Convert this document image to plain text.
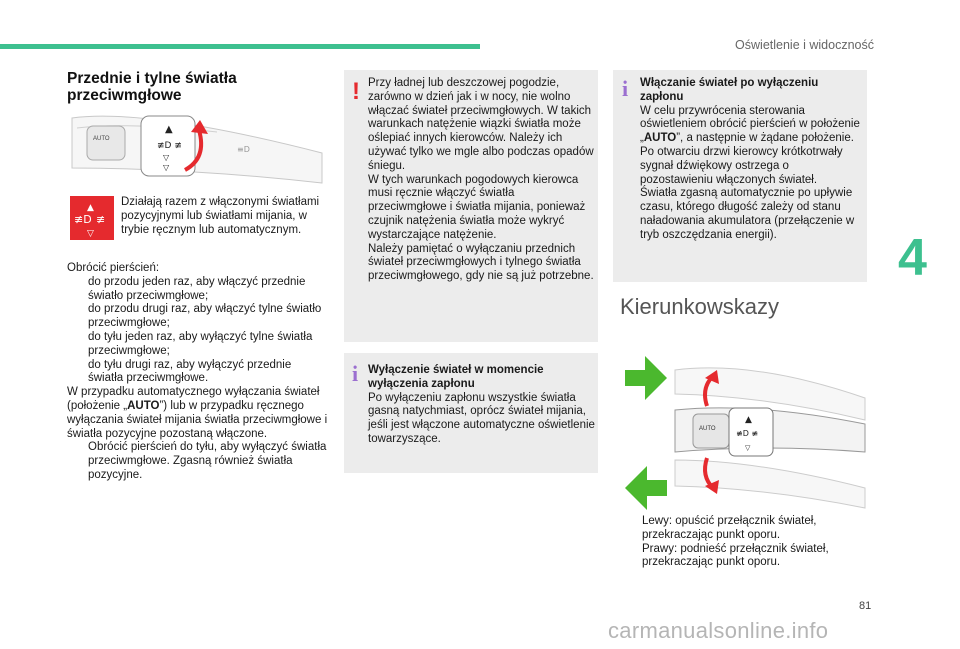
Oświetlenie i widoczność
4
81
carmanualsonline.info
Przednie i tylne światła
przeciwmgłowe
AUTO
▲
≢D ≢
▽
▽
≡D
▲
≢D ≢
▽
Działają razem z włączonymi światłami pozycyjnymi lub światłami mijania, w trybie ręcznym lub automatycznym.
Obrócić pierścień:
do przodu jeden raz, aby włączyć przednie światło przeciwmgłowe;
do przodu drugi raz, aby włączyć tylne światło przeciwmgłowe;
do tyłu jeden raz, aby wyłączyć tylne światła przeciwmgłowe;
do tyłu drugi raz, aby wyłączyć przednie światła przeciwmgłowe.
W przypadku automatycznego wyłączania świateł (położenie „AUTO”) lub w przypadku ręcznego wyłączania świateł mijania światła przeciwmgłowe i światła pozycyjne pozostaną włączone.
Obrócić pierścień do tyłu, aby wyłączyć światła przeciwmgłowe. Zgasną również światła pozycyjne.
! Przy ładnej lub deszczowej pogodzie, zarówno w dzień jak i w nocy, nie wolno włączać świateł przeciwmgłowych. W takich warunkach natężenie wiązki światła może oślepiać innych kierowców. Należy ich używać tylko we mgle albo podczas opadów śniegu.
W tych warunkach pogodowych kierowca musi ręcznie włączyć światła przeciwmgłowe i światła mijania, ponieważ czujnik natężenia światła może wykryć wystarczające natężenie.
Należy pamiętać o wyłączaniu przednich świateł przeciwmgłowych i tylnego światła przeciwmgłowego, gdy nie są już potrzebne.
i Wyłączenie świateł w momencie wyłączenia zapłonu
Po wyłączeniu zapłonu wszystkie światła gasną natychmiast, oprócz świateł mijania, jeśli jest włączone automatyczne oświetlenie towarzyszące.
i Włączanie świateł po wyłączeniu zapłonu
W celu przywrócenia sterowania oświetleniem obrócić pierścień w położenie „AUTO”, a następnie w żądane położenie.
Po otwarciu drzwi kierowcy krótkotrwały sygnał dźwiękowy ostrzega o pozostawieniu włączonych świateł.
Światła zgasną automatycznie po upływie czasu, którego długość zależy od stanu naładowania akumulatora (przełączenie w tryb oszczędzania energii).
Kierunkowskazy
AUTO
▲
≢D ≢
▽
Lewy: opuścić przełącznik świateł, przekraczając punkt oporu.
Prawy: podnieść przełącznik świateł, przekraczając punkt oporu.
